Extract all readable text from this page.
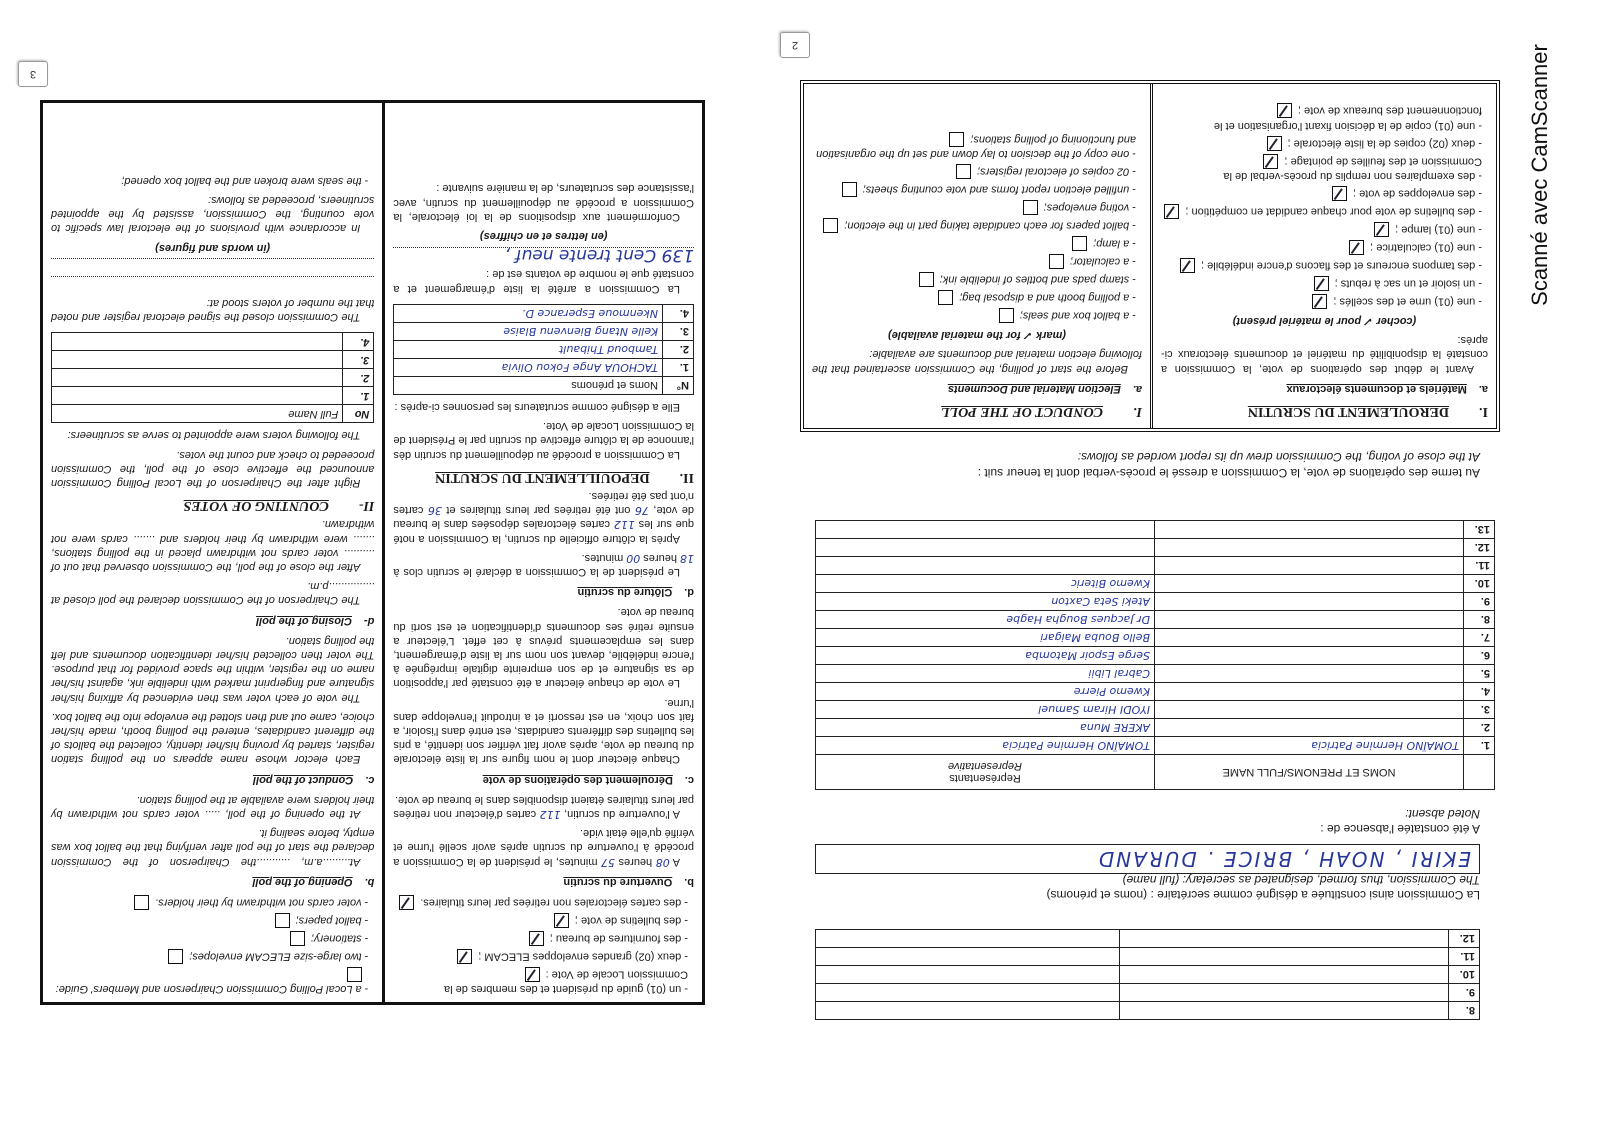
Scanné avec CamScanner
2
8.		
9.		
10.		
11.		
12.		
La Commission ainsi constituée a désigné comme secrétaire : (noms et prénoms)
The Commission, thus formed, designated as secretary: (full name)
EKIRI , NOAH , BRICE . DURAND
A été constatée l'absence de :
Noted absent:
	NOMS ET PRENOMS/FULL NAME	Représentants
Representative

1.	TOMAÏNO Hermine Patricia	TOMAÏNO Hermine Patricia
2.		AKERE Muna
3.		IYODI Hiram Samuel
4.		Kwemo Pierre
5.		Cabral Libii
6.		Serge Espoir Matomba
7.		Bello Bouba Maigari
8.		Dr Jacques Bougha Hagbe
9.		Ateki Seta Caxton
10.		Kwemo Biteric
11.		
12.		
13.		
Au terme des opérations de vote, la Commission a dressé le procès-verbal dont la teneur suit :
At the close of voting, the Commission drew up its report worded as follows:
I.DEROULEMENT DU SCRUTIN
a.Matériels et documents électoraux
Avant le début des opérations de vote, la Commission a constaté la disponibilité du matériel et documents électoraux ci-après:
(cocher ✓ pour le matériel présent)
- une (01) urne et des scellés ;
- un isoloir et un sac à rebuts ;
- des tampons encreurs et des flacons d'encre indélébile ;
- une (01) calculatrice ;
- une (01) lampe ;
- des bulletins de vote pour chaque candidat en compétition ;
- des enveloppes de vote ;
- des exemplaires non remplis du procès-verbal de la Commission et des feuilles de pointage ;
- deux (02) copies de la liste électorale ;
- une (01) copie de la décision fixant l'organisation et le fonctionnement des bureaux de vote ;
I.CONDUCT OF THE POLL
a.Election Material and Documents
Before the start of polling, the Commission ascertained that the following election material and documents are available:
(mark ✓ for the material available)
- a ballot box and seals;
- a polling booth and a disposal bag;
- stamp pads and bottles of indelible ink;
- a calculator;
- a lamp;
- ballot papers for each candidate taking part in the election;
- voting envelopes;
- unfilled election report forms and vote counting sheets;
- 02 copies of electoral registers;
- one copy of the decision to lay down and set up the organisation and functioning of polling stations;
- un (01) guide du président et des membres de la Commission Locale de Vote :
- deux (02) grandes enveloppes ELECAM ;
- des fournitures de bureau ;
- des bulletins de vote ;
- des cartes électorales non retirées par leurs titulaires.
b.Ouverture du scrutin
A 08 heures 57 minutes, le président de la Commission a procédé à l'ouverture du scrutin après avoir scellé l'urne et vérifié qu'elle était vide.
A l'ouverture du scrutin, 112 cartes d'électeur non retirées par leurs titulaires étaient disponibles dans le bureau de vote.
c.Déroulement des opérations de vote
Chaque électeur dont le nom figure sur la liste électorale du bureau de vote, après avoir fait vérifier son identité, a pris les bulletins des différents candidats, est entré dans l'isoloir, a fait son choix, en est ressorti et a introduit l'enveloppe dans l'urne.
Le vote de chaque électeur a été constaté par l'apposition de sa signature et de son empreinte digitale imprégnée à l'encre indélébile, devant son nom sur la liste d'émargement, dans les emplacements prévus à cet effet. L'électeur a ensuite retiré ses documents d'identification et est sorti du bureau de vote.
d.Clôture du scrutin
Le président de la Commission a déclaré le scrutin clos à 18 heures 00 minutes.
Après la clôture officielle du scrutin, la Commission a noté que sur les 112 cartes électorales déposées dans le bureau de vote, 76 ont été retirées par leurs titulaires et 36 cartes n'ont pas été retirées.
II.DEPOUILLEMENT DU SCRUTIN
La Commission a procédé au dépouillement du scrutin dès l'annonce de la clôture effective du scrutin par le Président de la Commission Locale de Vote.
Elle a désigné comme scrutateurs les personnes ci-après :
N°	Noms et prénoms
1.	TACHOUA Ange Fokou Olivia
2.	Tamboud Thibault
3.	Kelle Ntang Bienvenu Blaise
4.	Nkenmoue Esperance D.
La Commission a arrêté la liste d'émargement et a constaté que le nombre de votants est de :
139 Cent trente neuf ,
(en lettres et en chiffres)
Conformément aux dispositions de la loi électorale, la Commission a procédé au dépouillement du scrutin, avec l'assistance des scrutateurs, de la manière suivante :
- a Local Polling Commission Chairperson and Members' Guide:
- two large-size ELECAM envelopes;
- stationery;
- ballot papers;
- voter cards not withdrawn by their holders.
b.Opening of the poll
At.........a.m, ...........the Chairperson of the Commission declared the start of the poll after verifying that the ballot box was empty, before sealing it.
At the opening of the poll, ..... voter cards not withdrawn by their holders were available at the polling station.
c.Conduct of the poll
Each elector whose name appears on the polling station register, started by proving his/her identity, collected the ballots of the different candidates, entered the polling booth, made his/her choice, came out and then slotted the envelope into the ballot box.
The vote of each voter was then evidenced by affixing his/her signature and fingerprint marked with indelible ink, against his/her name on the register, within the space provided for that purpose. The voter then collected his/her identification documents and left the polling station.
d-Closing of the poll
The Chairperson of the Commission declared the poll closed at ...............p.m.
After the close of the poll, the Commission observed that out of .......... voter cards not withdrawn placed in the polling stations, ....... were withdrawn by their holders and ....... cards were not withdrawn.
II-COUNTING OF VOTES
Right after the Chairperson of the Local Polling Commission announced the effective close of the poll, the Commission proceeded to check and count the votes.
The following voters were appointed to serve as scrutineers:
No	Full Name
1.	
2.	
3.	
4.	
The Commission closed the signed electoral register and noted that the number of voters stood at:
(in words and figures)
In accordance with provisions of the electoral law specific to vote counting, the Commission, assisted by the appointed scrutineers, proceeded as follows:
- the seals were broken and the ballot box opened;
3
